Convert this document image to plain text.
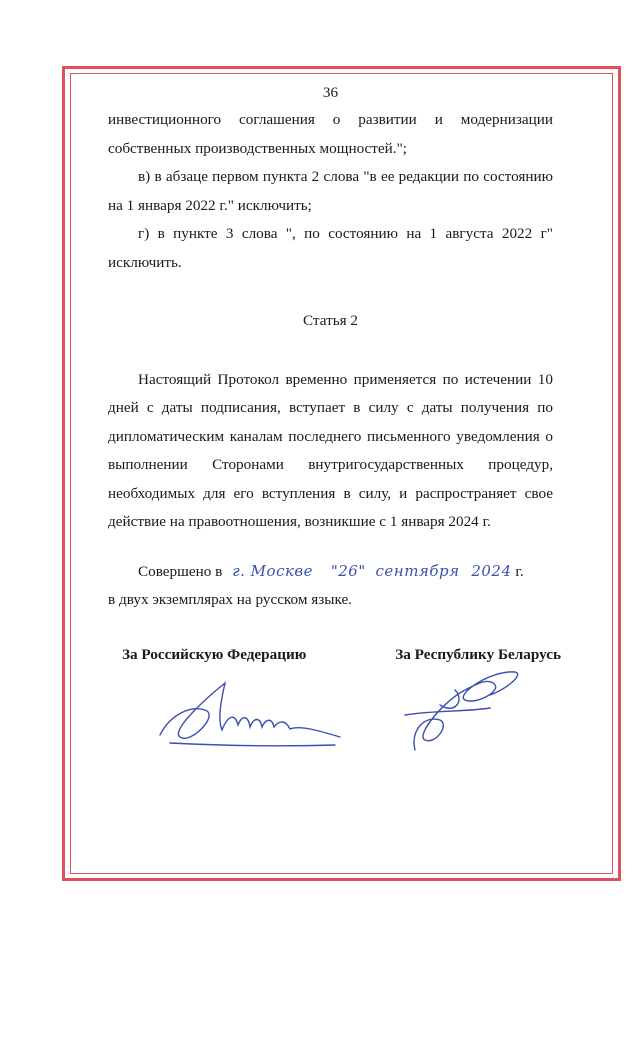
36

инвестиционного соглашения о развитии и модернизации собственных производственных мощностей.";

в) в абзаце первом пункта 2 слова "в ее редакции по состоянию на 1 января 2022 г." исключить;

г) в пункте 3 слова ", по состоянию на 1 августа 2022 г" исключить.

Статья 2

Настоящий Протокол временно применяется по истечении 10 дней с даты подписания, вступает в силу с даты получения по дипломатическим каналам последнего письменного уведомления о выполнении Сторонами внутригосударственных процедур, необходимых для его вступления в силу, и распространяет свое действие на правоотношения, возникшие с 1 января 2024 г.

Совершено в г. Москве "26" сентября 2024 г.
в двух экземплярах на русском языке.
За Российскую Федерацию	За Республику Беларусь
